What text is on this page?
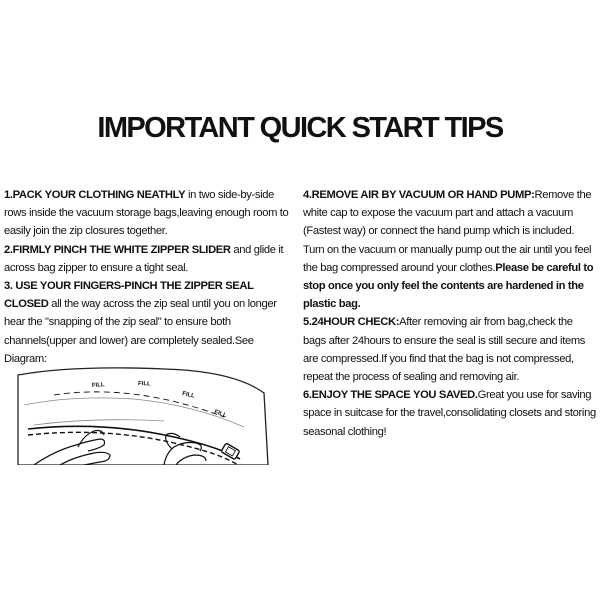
IMPORTANT QUICK START TIPS

1.PACK YOUR CLOTHING NEATHLY in two side-by-side rows inside the vacuum storage bags,leaving enough room to easily join the zip closures together.

2.FIRMLY PINCH THE WHITE ZIPPER SLIDER and glide it across bag zipper to ensure a tight seal.

3. USE YOUR FINGERS-PINCH THE ZIPPER SEAL CLOSED all the way across the zip seal until you on longer hear the "snapping of the zip seal" to ensure both channels(upper and lower) are completely sealed.See Diagram:

FILL	FILL
FILL
FILL

4.REMOVE AIR BY VACUUM OR HAND PUMP:Remove the white cap to expose the vacuum part and attach a vacuum (Fastest way) or connect the hand pump which is included. Turn on the vacuum or manually pump out the air until you feel the bag compressed around your clothes.Please be careful to stop once you only feel the contents are hardened in the plastic bag.

5.24HOUR CHECK:After removing air from bag,check the bags after 24hours to ensure the seal is still secure and items are compressed.If you find that the bag is not compressed, repeat the process of sealing and removing air.

6.ENJOY THE SPACE YOU SAVED.Great you use for saving space in suitcase for the travel,consolidating closets and storing seasonal clothing!
